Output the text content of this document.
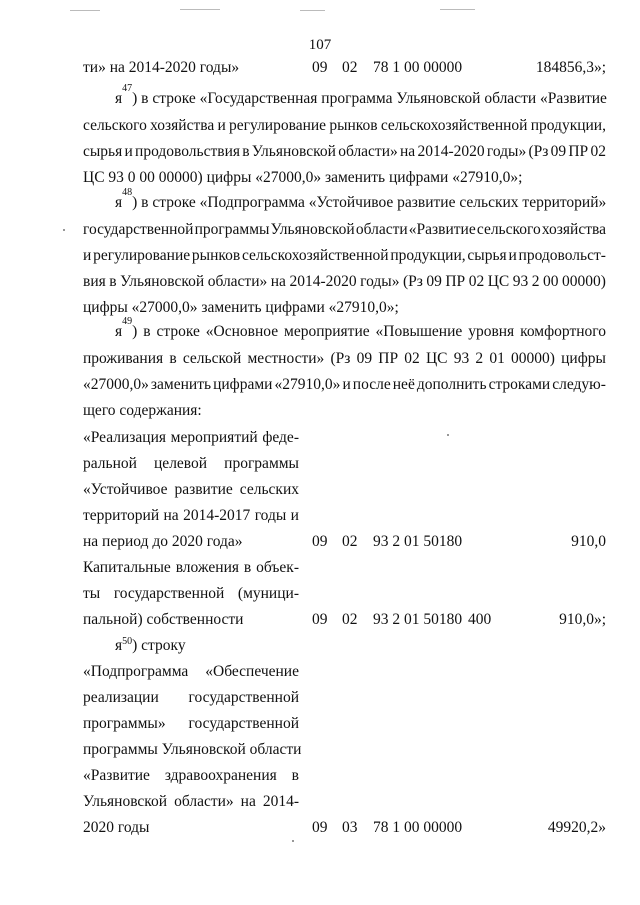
107
ти» на 2014-2020 годы»	09 02 78 1 00 00000	184856,3»;
я
47
) в строке «Государственная программа Ульяновской области «Развитие
сельского хозяйства и регулирование рынков сельскохозяйственной продукции,
сырья и продовольствия в Ульяновской области» на 2014-2020 годы» (Рз 09 ПР 02
ЦС 93 0 00 00000) цифры «27000,0» заменить цифрами «27910,0»;
я
48
) в строке «Подпрограмма «Устойчивое развитие сельских территорий»
государственной программы Ульяновской области «Развитие сельского хозяйства
и регулирование рынков сельскохозяйственной продукции, сырья и продовольст-
вия в Ульяновской области» на 2014-2020 годы» (Рз 09 ПР 02 ЦС 93 2 00 00000)
цифры «27000,0» заменить цифрами «27910,0»;
я
49
) в строке «Основное мероприятие «Повышение уровня комфортного
проживания в сельской местности» (Рз 09 ПР 02 ЦС 93 2 01 00000) цифры
«27000,0» заменить цифрами «27910,0» и после неё дополнить строками следую-
щего содержания:
«Реализация мероприятий феде-
ральной целевой программы
«Устойчивое развитие сельских
территорий на 2014-2017 годы и
на период до 2020 года»	09 02 93 2 01 50180	910,0
Капитальные вложения в объек-
ты государственной (муници-
пальной) собственности	09 02 93 2 01 50180 400	910,0»;
$я^{50}$) строку
«Подпрограмма «Обеспечение
реализации государственной
программы» государственной
программы Ульяновской области
«Развитие здравоохранения в
Ульяновской области» на 2014-
2020 годы	09 03 78 1 00 00000	49920,2»
